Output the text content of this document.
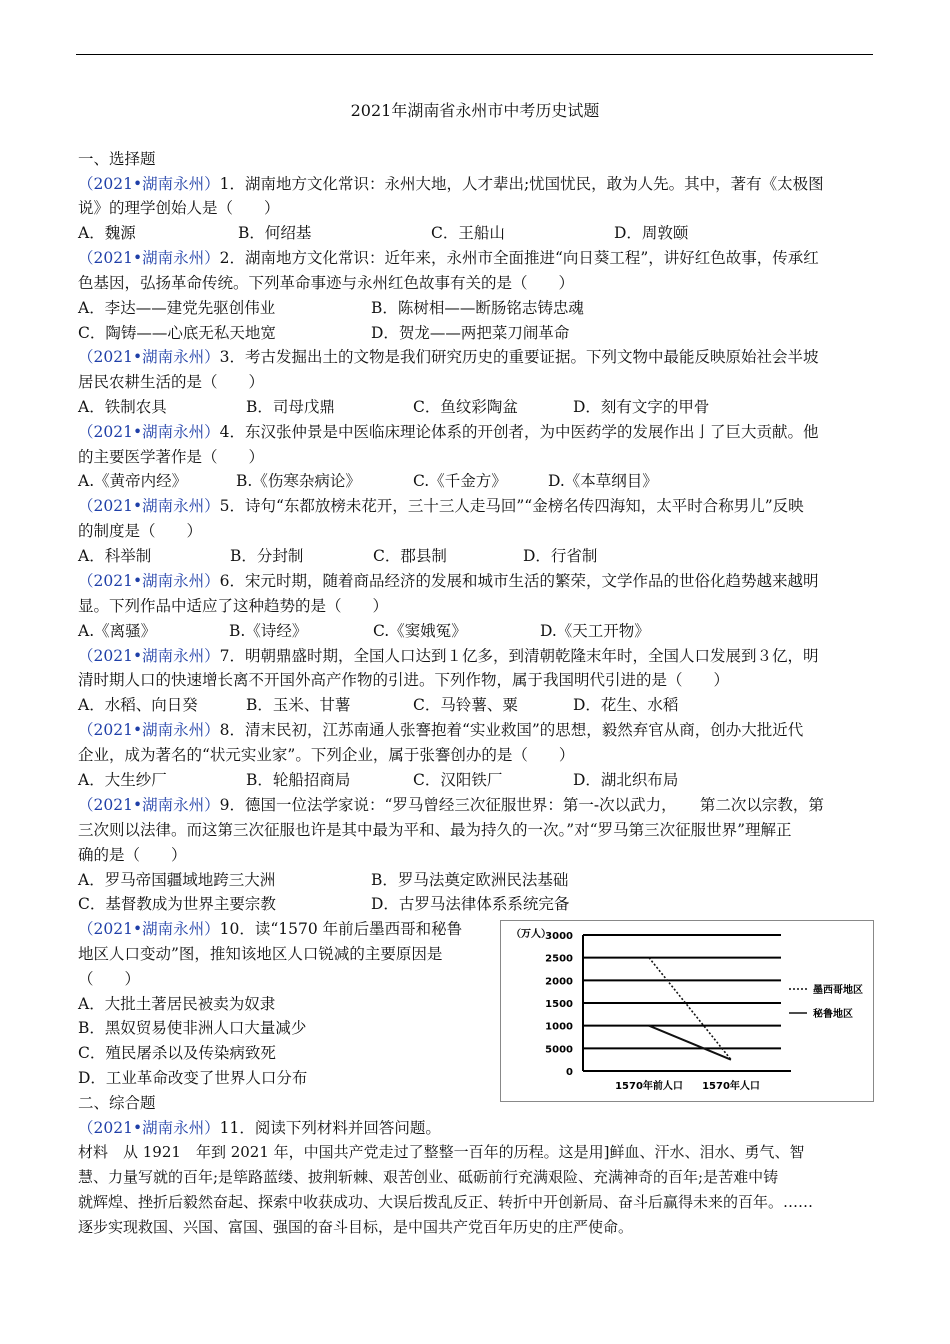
2021年湖南省永州市中考历史试题
一、选择题
（2021•湖南永州）1．湖南地方文化常识：永州大地，人才辈出;忧国忧民，敢为人先。其中，著有《太极图
说》的理学创始人是（　　）
A．魏源	B．何绍基	C．王船山	D．周敦颐
（2021•湖南永州）2．湖南地方文化常识：近年来，永州市全面推进“向日葵工程”，讲好红色故事，传承红
色基因，弘扬革命传统。下列革命事迹与永州红色故事有关的是（　　）
A．李达——建党先驱创伟业	B．陈树相——断肠铭志铸忠魂
C．陶铸——心底无私天地宽	D．贺龙——两把菜刀闹革命
（2021•湖南永州）3．考古发掘出土的文物是我们研究历史的重要证据。下列文物中最能反映原始社会半坡
居民农耕生活的是（　　）
A．铁制农具	B．司母戊鼎	C．鱼纹彩陶盆	D．刻有文字的甲骨
（2021•湖南永州）4．东汉张仲景是中医临床理论体系的开创者，为中医药学的发展作出亅了巨大贡献。他
的主要医学著作是（　　）
A.《黄帝内经》	B.《伤寒杂病论》	C.《千金方》	D.《本草纲目》
（2021•湖南永州）5．诗句“东都放榜未花开，三十三人走马回”“金榜名传四海知，太平时合称男儿”反映
的制度是（　　）
A．科举制	B．分封制	C．郡县制	D．行省制
（2021•湖南永州）6．宋元时期，随着商品经济的发展和城市生活的繁荣，文学作品的世俗化趋势越来越明
显。下列作品中适应了这种趋势的是（　　）
A.《离骚》	B.《诗经》	C.《窦娥冤》	D.《天工开物》
（2021•湖南永州）7．明朝鼎盛时期，全国人口达到１亿多，到清朝乾隆末年时，全国人口发展到３亿，明
清时期人口的快速增长离不开国外高产作物的引进。下列作物，属于我国明代引进的是（　　）
A．水稻、向日癸	B．玉米、甘薯	C．马铃薯、粟	D．花生、水稻
（2021•湖南永州）8．清末民初，江苏南通人张謇抱着“实业救国”的思想，毅然弃官从商，创办大批近代
企业，成为著名的“状元实业家”。下列企业，属于张謇创办的是（　　）
A．大生纱厂	B．轮船招商局	C．汉阳铁厂	D．湖北织布局
（2021•湖南永州）9．德国一位法学家说：“罗马曾经三次征服世界：第一-次以武力，　　第二次以宗教，第
三次则以法律。而这第三次征服也许是其中最为平和、最为持久的一次。”对“罗马第三次征服世界”理解正
确的是（　　）
A．罗马帝国疆域地跨三大洲	B．罗马法奠定欧洲民法基础
C．基督教成为世界主要宗教	D．古罗马法律体系系统完备
（2021•湖南永州）10．读“1570 年前后墨西哥和秘鲁
地区人口变动”图，推知该地区人口锐减的主要原因是
（　　）
A．大批土著居民被卖为奴隶
B．黑奴贸易使非洲人口大量减少
C．殖民屠杀以及传染病致死
D．工业革命改变了世界人口分布
（万人）
3000
2500
2000
1500
1000
5000
0
1570年前人口 1570年人口
墨西哥地区
秘鲁地区
二、综合题
（2021•湖南永州）11．阅读下列材料并回答问题。
材料　从 1921　年到 2021 年，中国共产党走过了整整一百年的历程。这是用]鲜血、汗水、泪水、勇气、智
慧、力量写就的百年;是筚路蓝缕、披荆斩棘、艰苦创业、砥砺前行充满艰险、充满神奇的百年;是苦难中铸
就辉煌、挫折后毅然奋起、探索中收获成功、大误后拨乱反正、转折中开创新局、奋斗后赢得未来的百年。……
逐步实现救国、兴国、富国、强国的奋斗目标，是中国共产党百年历史的庄严使命。
